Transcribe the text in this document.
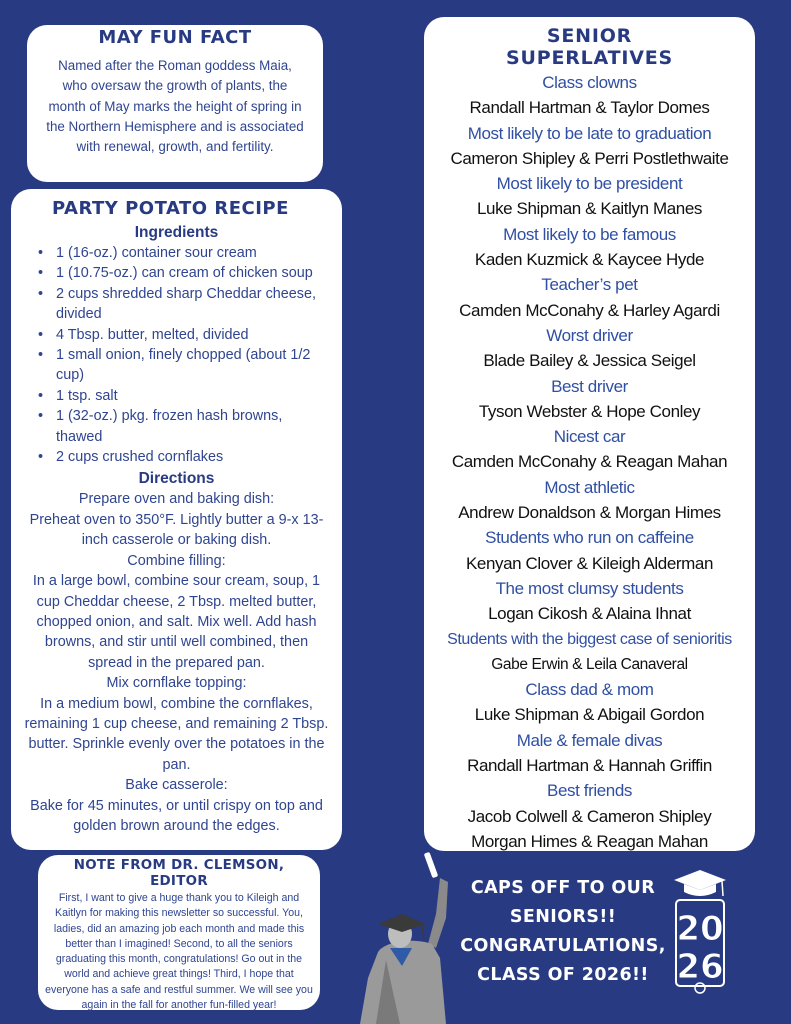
MAY FUN FACT
Named after the Roman goddess Maia, who oversaw the growth of plants, the month of May marks the height of spring in the Northern Hemisphere and is associated with renewal, growth, and fertility.
PARTY POTATO RECIPE
Ingredients
• 1 (16-oz.) container sour cream
• 1 (10.75-oz.) can cream of chicken soup
• 2 cups shredded sharp Cheddar cheese, divided
• 4 Tbsp. butter, melted, divided
• 1 small onion, finely chopped (about 1/2 cup)
• 1 tsp. salt
• 1 (32-oz.) pkg. frozen hash browns, thawed
• 2 cups crushed cornflakes
Directions
Prepare oven and baking dish:
Preheat oven to 350°F. Lightly butter a 9-x 13-inch casserole or baking dish.
Combine filling:
In a large bowl, combine sour cream, soup, 1 cup Cheddar cheese, 2 Tbsp. melted butter, chopped onion, and salt. Mix well. Add hash browns, and stir until well combined, then spread in the prepared pan.
Mix cornflake topping:
In a medium bowl, combine the cornflakes, remaining 1 cup cheese, and remaining 2 Tbsp. butter. Sprinkle evenly over the potatoes in the pan.
Bake casserole:
Bake for 45 minutes, or until crispy on top and golden brown around the edges.
NOTE FROM DR. CLEMSON, EDITOR
First, I want to give a huge thank you to Kileigh and Kaitlyn for making this newsletter so successful. You, ladies, did an amazing job each month and made this better than I imagined! Second, to all the seniors graduating this month, congratulations! Go out in the world and achieve great things! Third, I hope that everyone has a safe and restful summer. We will see you again in the fall for another fun-filled year!
SENIOR
SUPERLATIVES
Class clowns
Randall Hartman & Taylor Domes
Most likely to be late to graduation
Cameron Shipley & Perri Postlethwaite
Most likely to be president
Luke Shipman & Kaitlyn Manes
Most likely to be famous
Kaden Kuzmick & Kaycee Hyde
Teacher’s pet
Camden McConahy & Harley Agardi
Worst driver
Blade Bailey & Jessica Seigel
Best driver
Tyson Webster & Hope Conley
Nicest car
Camden McConahy & Reagan Mahan
Most athletic
Andrew Donaldson & Morgan Himes
Students who run on caffeine
Kenyan Clover & Kileigh Alderman
The most clumsy students
Logan Cikosh & Alaina Ihnat
Students with the biggest case of senioritis
Gabe Erwin & Leila Canaveral
Class dad & mom
Luke Shipman & Abigail Gordon
Male & female divas
Randall Hartman & Hannah Griffin
Best friends
Jacob Colwell & Cameron Shipley
Morgan Himes & Reagan Mahan
CAPS OFF TO OUR
SENIORS!!
CONGRATULATIONS,
CLASS OF 2026!!
20
26
